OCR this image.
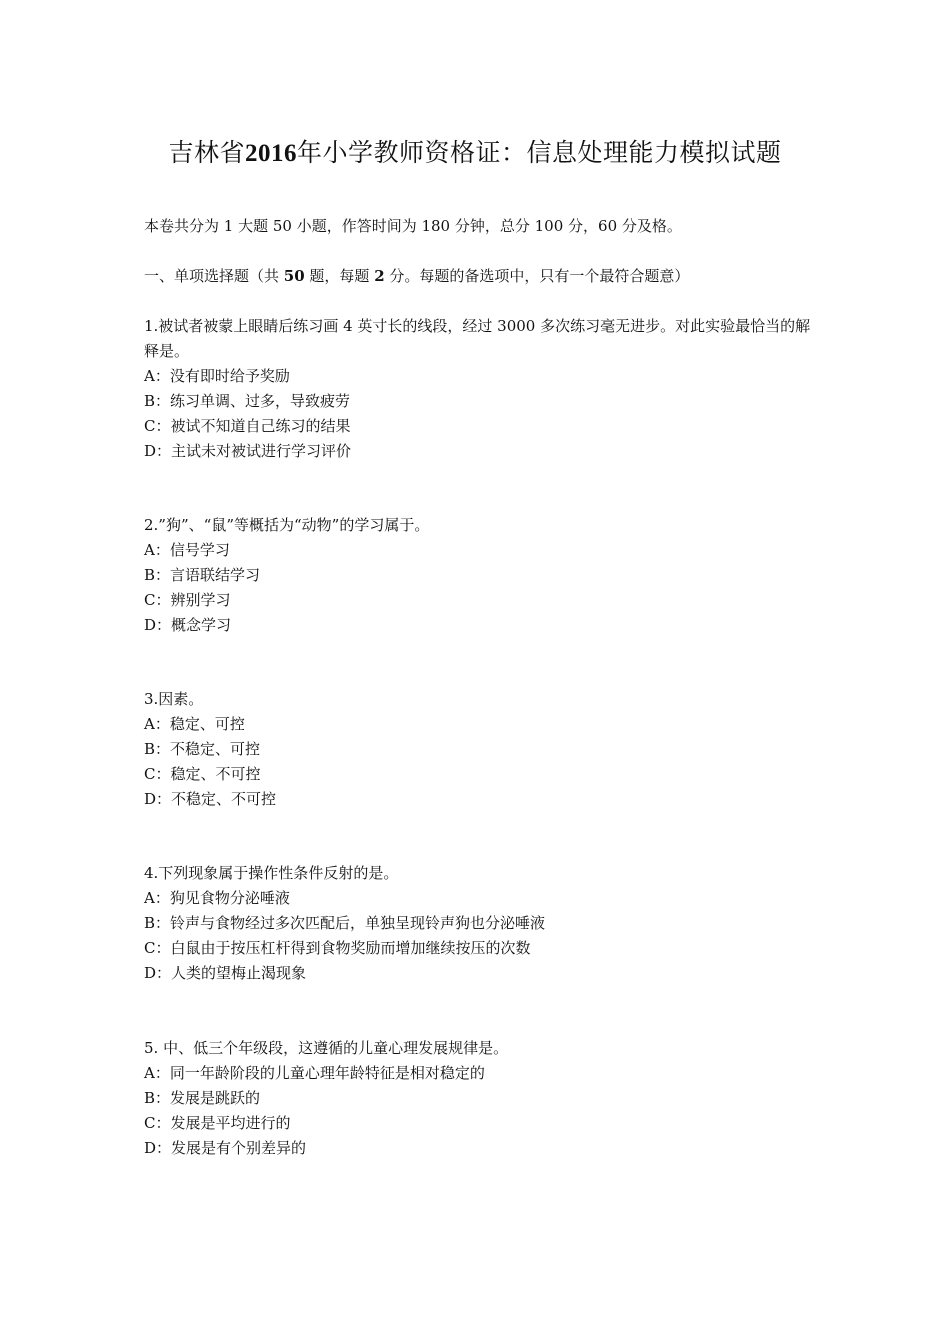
吉林省2016年小学教师资格证：信息处理能力模拟试题
本卷共分为 1 大题 50 小题，作答时间为 180 分钟，总分 100 分，60 分及格。
一、单项选择题（共 50 题，每题 2 分。每题的备选项中，只有一个最符合题意）

1.被试者被蒙上眼睛后练习画 4 英寸长的线段，经过 3000 多次练习毫无进步。对此实验最恰当的解释是。

A：没有即时给予奖励

B：练习单调、过多，导致疲劳

C：被试不知道自己练习的结果

D：主试未对被试进行学习评价

2.”狗”、“鼠”等概括为“动物”的学习属于。

A：信号学习

B：言语联结学习

C：辨别学习

D：概念学习

3.因素。

A：稳定、可控

B：不稳定、可控

C：稳定、不可控

D：不稳定、不可控

4.下列现象属于操作性条件反射的是。

A：狗见食物分泌唾液

B：铃声与食物经过多次匹配后，单独呈现铃声狗也分泌唾液

C：白鼠由于按压杠杆得到食物奖励而增加继续按压的次数

D：人类的望梅止渴现象

5. 中、低三个年级段，这遵循的儿童心理发展规律是。

A：同一年龄阶段的儿童心理年龄特征是相对稳定的

B：发展是跳跃的

C：发展是平均进行的

D：发展是有个别差异的
